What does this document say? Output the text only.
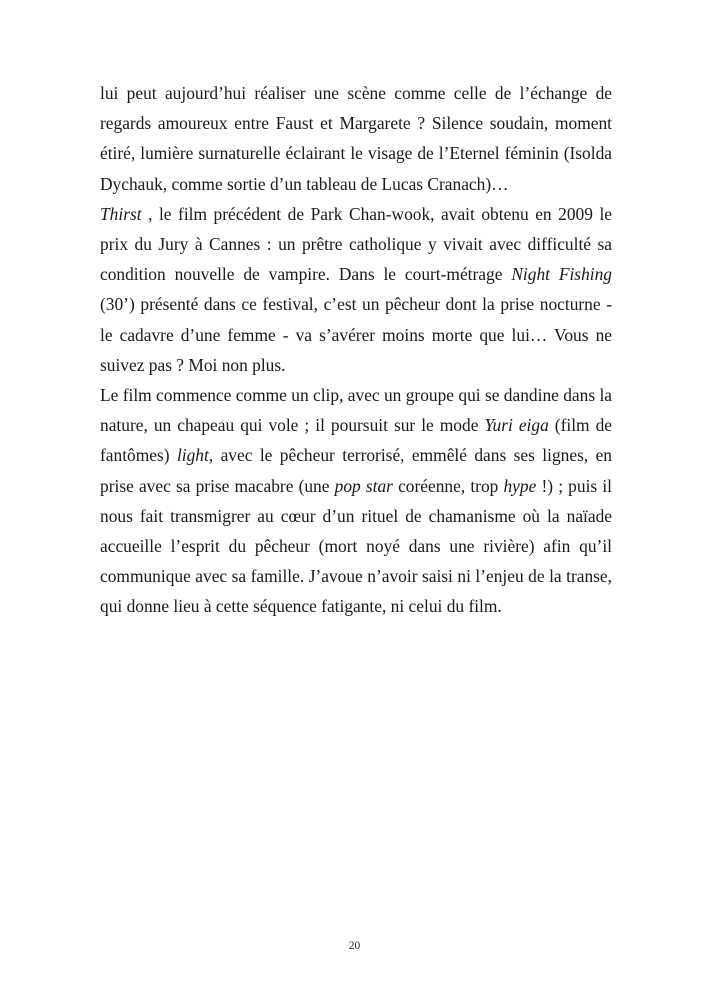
lui peut aujourd’hui réaliser une scène comme celle de l’échange de regards amoureux entre Faust et Margarete ? Silence soudain, moment étiré, lumière surnaturelle éclairant le visage de l’Eternel féminin (Isolda Dychauk, comme sortie d’un tableau de Lucas Cranach)…

Thirst , le film précédent de Park Chan-wook, avait obtenu en 2009 le prix du Jury à Cannes : un prêtre catholique y vivait avec difficulté sa condition nouvelle de vampire. Dans le court-métrage Night Fishing (30’) présenté dans ce festival, c’est un pêcheur dont la prise nocturne - le cadavre d’une femme - va s’avérer moins morte que lui… Vous ne suivez pas ? Moi non plus.

Le film commence comme un clip, avec un groupe qui se dandine dans la nature, un chapeau qui vole ; il poursuit sur le mode Yuri eiga (film de fantômes) light, avec le pêcheur terrorisé, emmêlé dans ses lignes, en prise avec sa prise macabre (une pop star coréenne, trop hype !) ; puis il nous fait transmigrer au cœur d’un rituel de chamanisme où la naïade accueille l’esprit du pêcheur (mort noyé dans une rivière) afin qu’il communique avec sa famille. J’avoue n’avoir saisi ni l’enjeu de la transe, qui donne lieu à cette séquence fatigante, ni celui du film.

20
